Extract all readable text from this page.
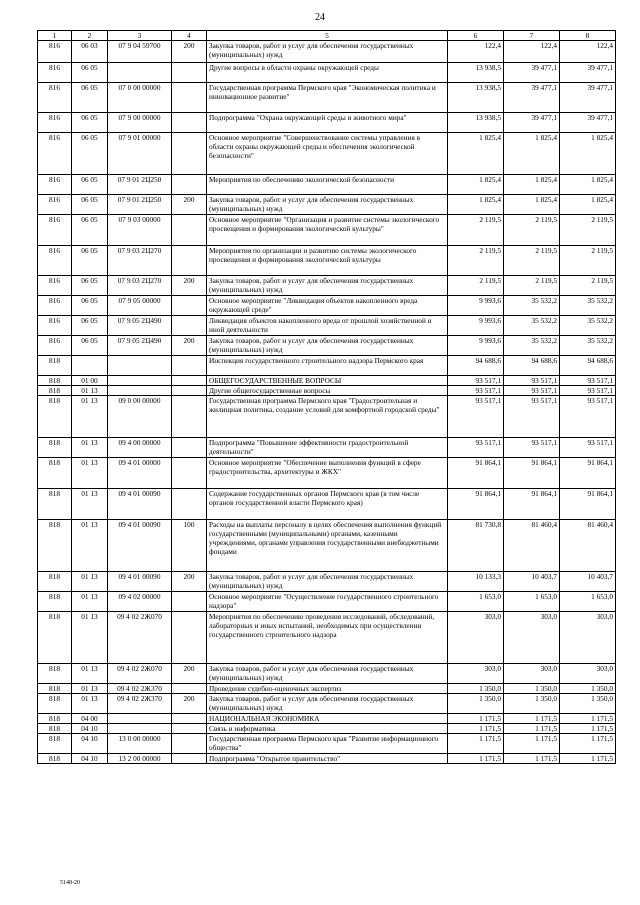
24
1	2	3	4	5	6	7	8
816	06 03	07 9 04 59700	200	Закупка товаров, работ и услуг для обеспечения государственных (муниципальных) нужд	122,4	122,4	122,4
816	06 05			Другие вопросы в области охраны окружающей среды	13 938,5	39 477,1	39 477,1
816	06 05	07 0 00 00000		Государственная программа Пермского края "Экономическая политика и инновационное развитие"	13 938,5	39 477,1	39 477,1
816	06 05	07 9 00 00000		Подпрограмма "Охрана окружающей среды и животного мира"	13 938,5	39 477,1	39 477,1
816	06 05	07 9 01 00000		Основное мероприятие "Совершенствование системы управления в области охраны окружающей среды и обеспечения экологической безопасности"	1 825,4	1 825,4	1 825,4
816	06 05	07 9 01 2Ц250		Мероприятия по обеспечению экологической безопасности	1 825,4	1 825,4	1 825,4
816	06 05	07 9 01 2Ц250	200	Закупка товаров, работ и услуг для обеспечения государственных (муниципальных) нужд	1 825,4	1 825,4	1 825,4
816	06 05	07 9 03 00000		Основное мероприятие "Организация и развитие системы экологического просвещения и формирования экологической культуры"	2 119,5	2 119,5	2 119,5
816	06 05	07 9 03 2Ц270		Мероприятия по организации и развитию системы экологического просвещения и формирования экологической культуры	2 119,5	2 119,5	2 119,5
816	06 05	07 9 03 2Ц270	200	Закупка товаров, работ и услуг для обеспечения государственных (муниципальных) нужд	2 119,5	2 119,5	2 119,5
816	06 05	07 9 05 00000		Основное мероприятие "Ликвидация объектов накопленного вреда окружающей среде"	9 993,6	35 532,2	35 532,2
816	06 05	07 9 05 2Ц490		Ликвидация объектов накопленного вреда от прошлой хозяйственной и иной деятельности	9 993,6	35 532,2	35 532,2
816	06 05	07 9 05 2Ц490	200	Закупка товаров, работ и услуг для обеспечения государственных (муниципальных) нужд	9 993,6	35 532,2	35 532,2
818				Инспекция государственного строительного надзора Пермского края	94 688,6	94 688,6	94 688,6
818	01 00			ОБЩЕГОСУДАРСТВЕННЫЕ ВОПРОСЫ	93 517,1	93 517,1	93 517,1
818	01 13			Другие общегосударственные вопросы	93 517,1	93 517,1	93 517,1
818	01 13	09 0 00 00000		Государственная программа Пермского края "Градостроительная и жилищная политика, создание условий для комфортной городской среды"	93 517,1	93 517,1	93 517,1
818	01 13	09 4 00 00000		Подпрограмма "Повышение эффективности градостроительной деятельности"	93 517,1	93 517,1	93 517,1
818	01 13	09 4 01 00000		Основное мероприятие "Обеспечение выполнения функций в сфере градостроительства, архитектуры и ЖКХ"	91 864,1	91 864,1	91 864,1
818	01 13	09 4 01 00090		Содержание государственных органов Пермского края (в том числе органов государственной власти Пермского края)	91 864,1	91 864,1	91 864,1
818	01 13	09 4 01 00090	100	Расходы на выплаты персоналу в целях обеспечения выполнения функций государственными (муниципальными) органами, казенными учреждениями, органами управления государственными внебюджетными фондами	81 730,8	81 460,4	81 460,4
818	01 13	09 4 01 00090	200	Закупка товаров, работ и услуг для обеспечения государственных (муниципальных) нужд	10 133,3	10 403,7	10 403,7
818	01 13	09 4 02 00000		Основное мероприятие "Осуществление государственного строительного надзора"	1 653,0	1 653,0	1 653,0
818	01 13	09 4 02 2Ж070		Мероприятия по обеспечению проведения исследований, обследований, лабораторных и иных испытаний, необходимых при осуществлении государственного строительного надзора	303,0	303,0	303,0
818	01 13	09 4 02 2Ж070	200	Закупка товаров, работ и услуг для обеспечения государственных (муниципальных) нужд	303,0	303,0	303,0
818	01 13	09 4 02 2Ж370		Проведение судебно-оценочных экспертиз	1 350,0	1 350,0	1 350,0
818	01 13	09 4 02 2Ж370	200	Закупка товаров, работ и услуг для обеспечения государственных (муниципальных) нужд	1 350,0	1 350,0	1 350,0
818	04 00			НАЦИОНАЛЬНАЯ ЭКОНОМИКА	1 171,5	1 171,5	1 171,5
818	04 10			Связь и информатика	1 171,5	1 171,5	1 171,5
818	04 10	13 0 00 00000		Государственная программа Пермского края "Развитие информационного общества"	1 171,5	1 171,5	1 171,5
818	04 10	13 2 00 00000		Подпрограмма "Открытое правительство"	1 171,5	1 171,5	1 171,5
5148-20
